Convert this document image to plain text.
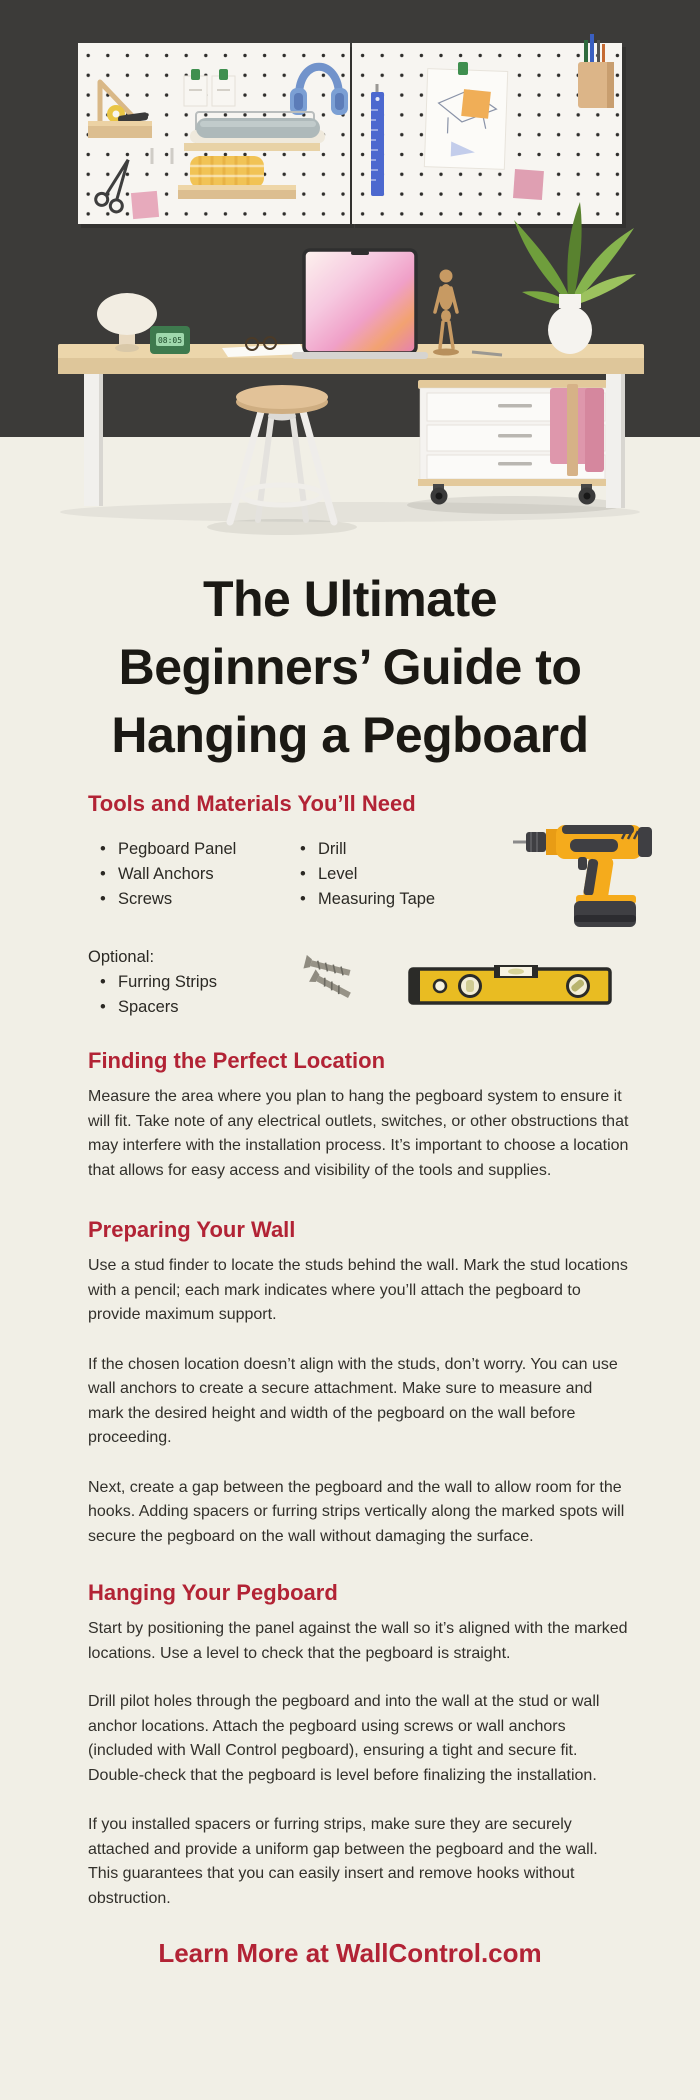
08:05
The Ultimate
Beginners’ Guide to
Hanging a Pegboard
Tools and Materials You’ll Need
• Pegboard Panel
• Wall Anchors
• Screws
• Drill
• Level
• Measuring Tape
Optional:
• Furring Strips
• Spacers
Finding the Perfect Location

Measure the area where you plan to hang the pegboard system to ensure it will fit. Take note of any electrical outlets, switches, or other obstructions that may interfere with the installation process. It’s important to choose a location that allows for easy access and visibility of the tools and supplies.

Preparing Your Wall

Use a stud finder to locate the studs behind the wall. Mark the stud locations with a pencil; each mark indicates where you’ll attach the pegboard to provide maximum support.

If the chosen location doesn’t align with the studs, don’t worry. You can use wall anchors to create a secure attachment. Make sure to measure and mark the desired height and width of the pegboard on the wall before proceeding.

Next, create a gap between the pegboard and the wall to allow room for the hooks. Adding spacers or furring strips vertically along the marked spots will secure the pegboard on the wall without damaging the surface.

Hanging Your Pegboard

Start by positioning the panel against the wall so it’s aligned with the marked locations. Use a level to check that the pegboard is straight.

Drill pilot holes through the pegboard and into the wall at the stud or wall anchor locations. Attach the pegboard using screws or wall anchors (included with Wall Control pegboard), ensuring a tight and secure fit. Double-check that the pegboard is level before finalizing the installation.

If you installed spacers or furring strips, make sure they are securely attached and provide a uniform gap between the pegboard and the wall. This guarantees that you can easily insert and remove hooks without obstruction.

Learn More at WallControl.com
